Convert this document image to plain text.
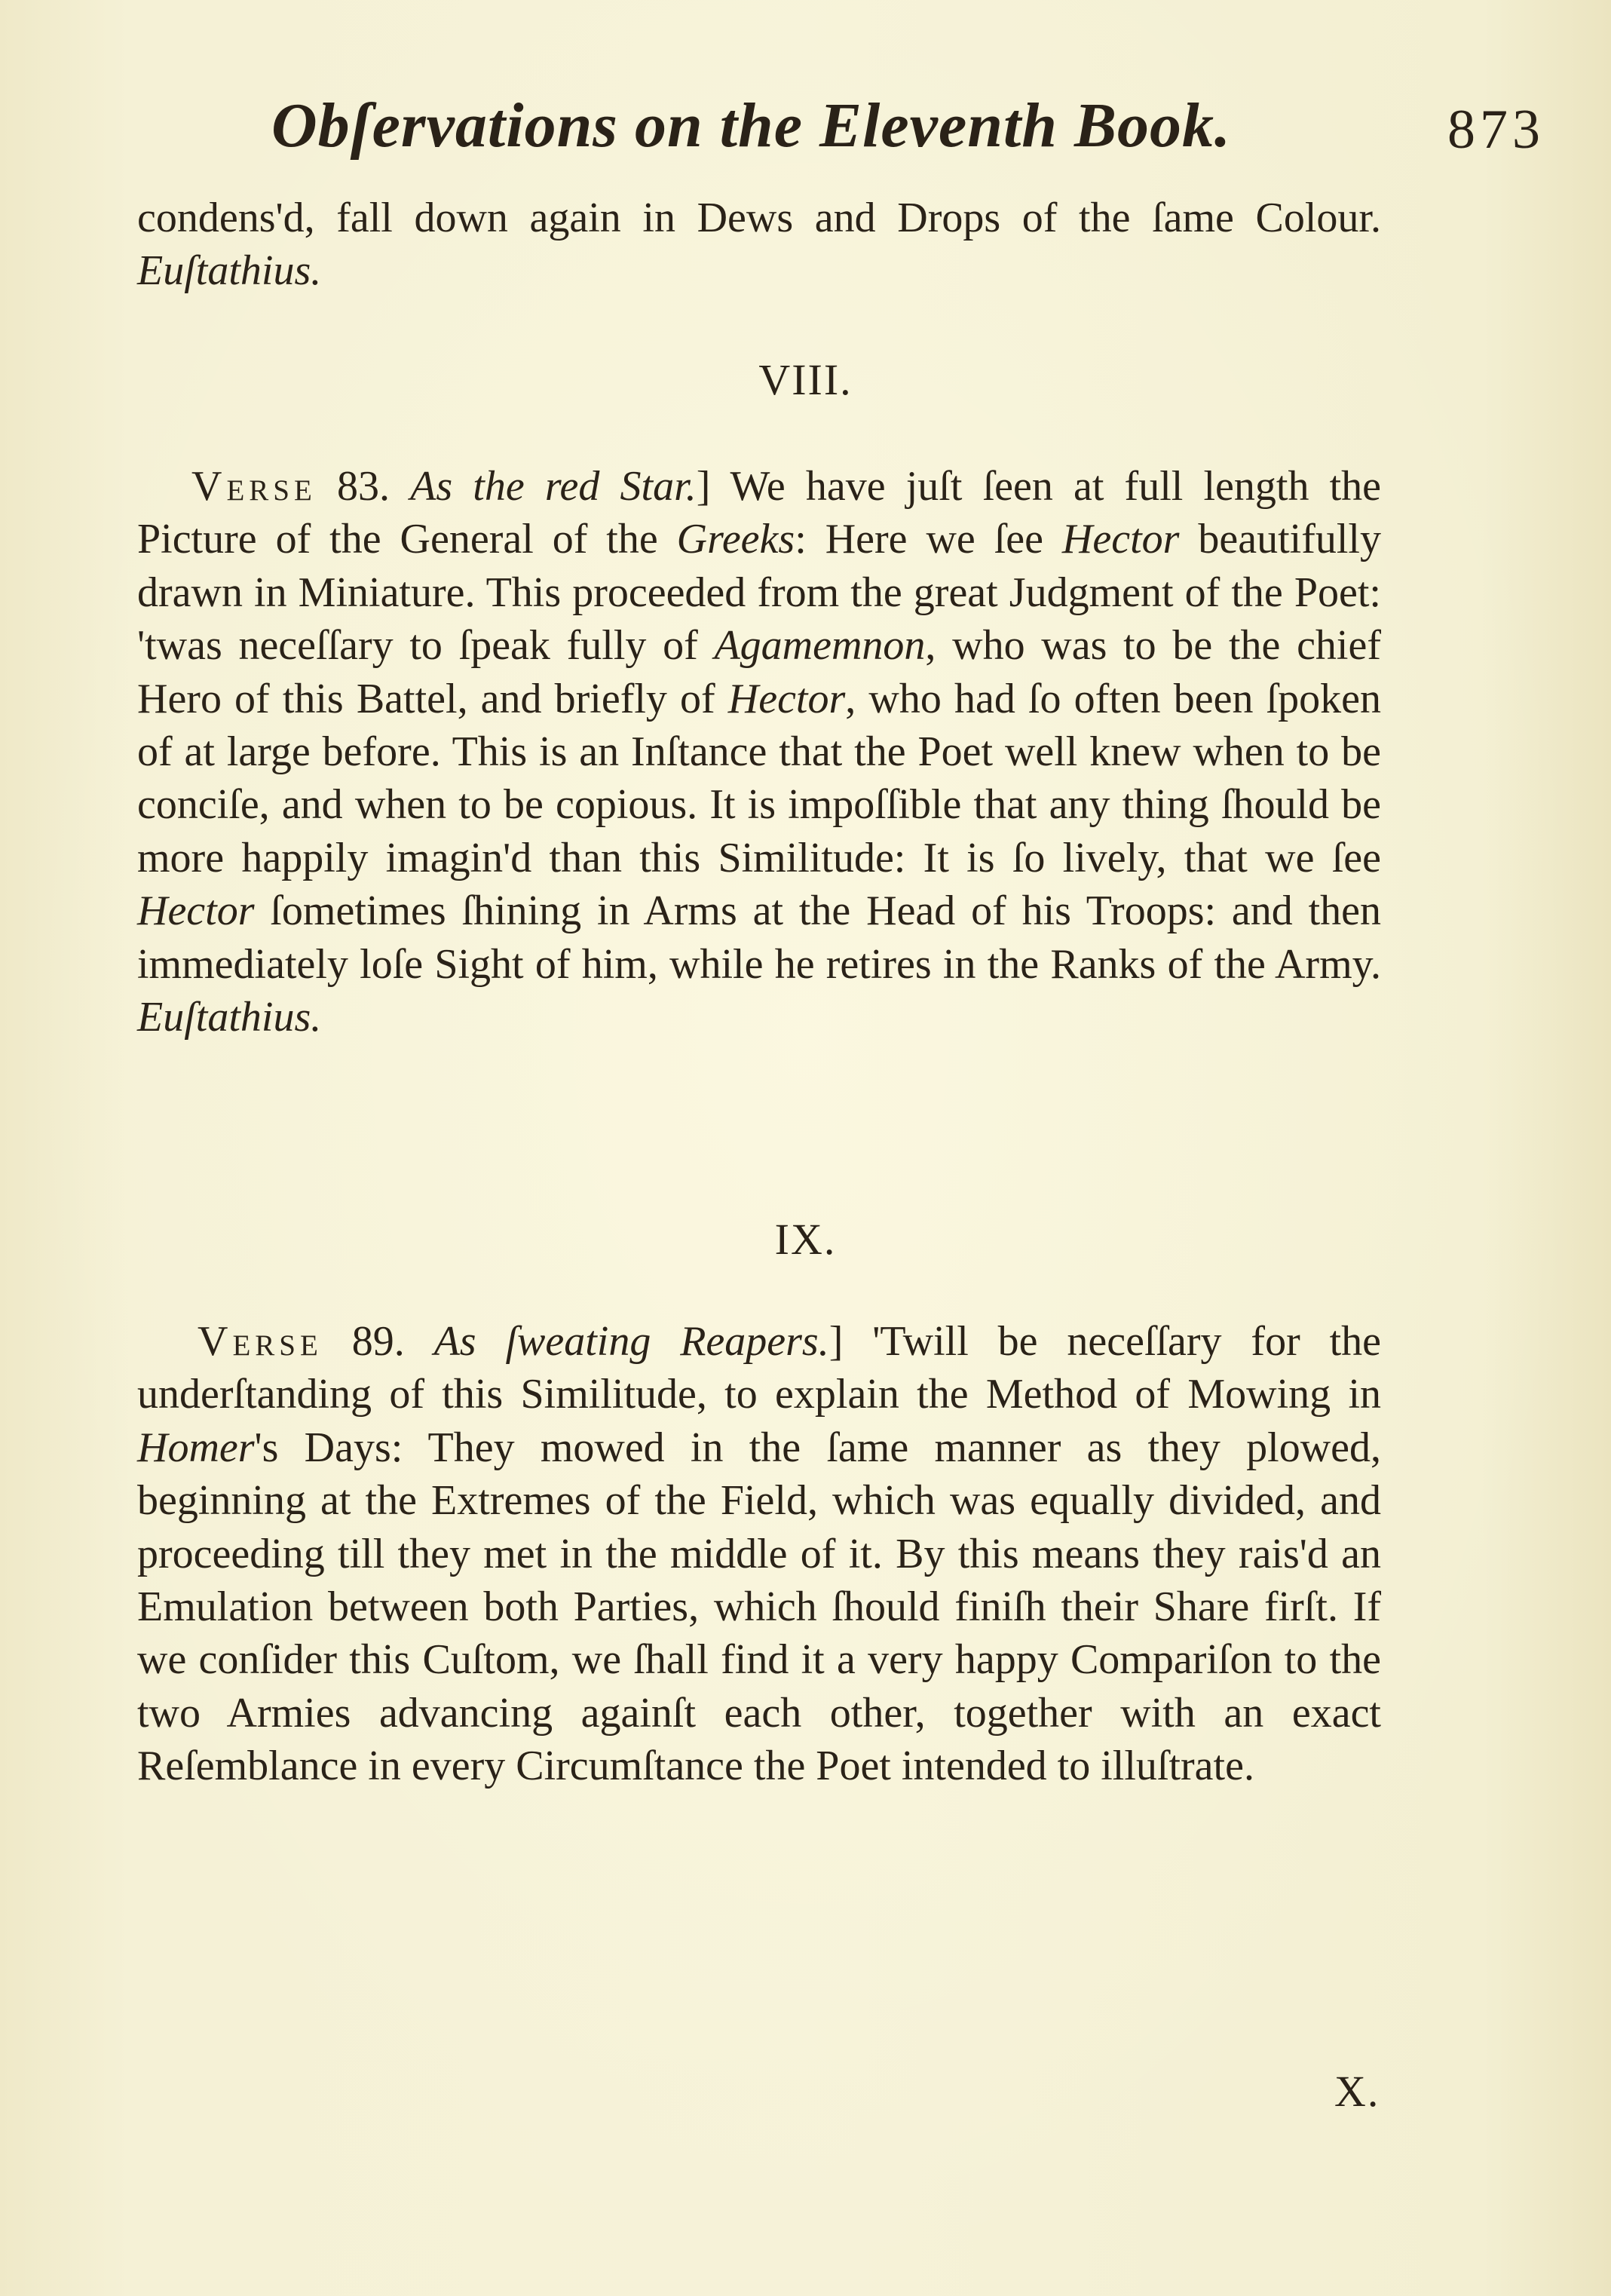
Obſervations on the Eleventh Book.	873

condens'd, fall down again in Dews and Drops of the ſame Colour. Euſtathius.

VIII.

Verse 83. As the red Star.] We have juſt ſeen at full length the Picture of the General of the Greeks: Here we ſee Hector beautifully drawn in Miniature. This proceeded from the great Judgment of the Poet: 'twas neceſſary to ſpeak fully of Agamemnon, who was to be the chief Hero of this Battel, and briefly of Hector, who had ſo often been ſpoken of at large before. This is an Inſtance that the Poet well knew when to be conciſe, and when to be copious. It is impoſſible that any thing ſhould be more happily imagin'd than this Similitude: It is ſo lively, that we ſee Hector ſometimes ſhining in Arms at the Head of his Troops: and then immediately loſe Sight of him, while he retires in the Ranks of the Army. Euſtathius.

IX.

Verse 89. As ſweating Reapers.] 'Twill be neceſſary for the underſtanding of this Similitude, to explain the Method of Mowing in Homer's Days: They mowed in the ſame manner as they plowed, beginning at the Extremes of the Field, which was equally divided, and proceeding till they met in the middle of it. By this means they rais'd an Emulation between both Parties, which ſhould finiſh their Share firſt. If we conſider this Cuſtom, we ſhall find it a very happy Compariſon to the two Armies advancing againſt each other, together with an exact Reſemblance in every Circumſtance the Poet intended to illuſtrate.

X.
